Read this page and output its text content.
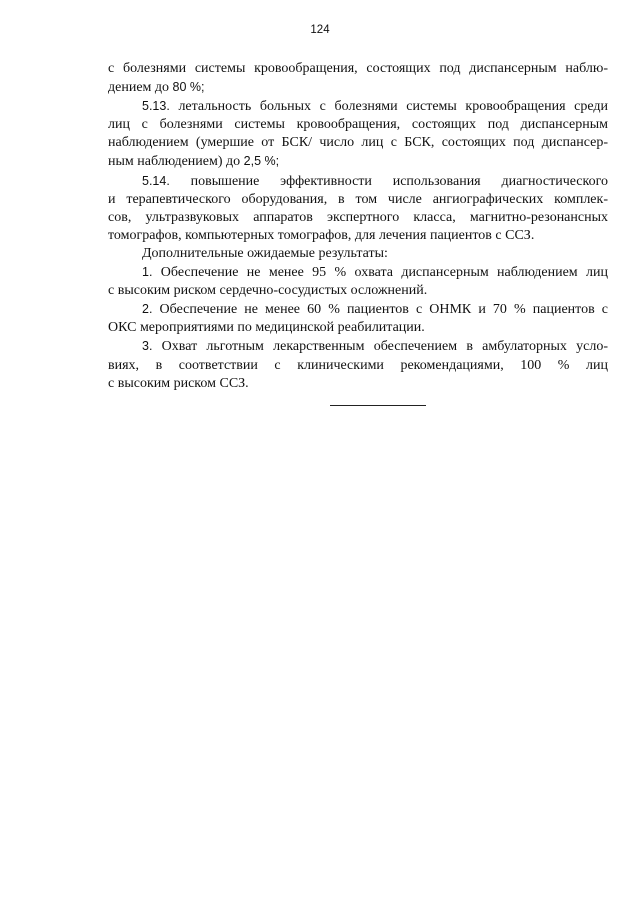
124
с болезнями системы кровообращения, состоящих под диспансерным наблю-
дением до 80 %;
5.13. летальность больных с болезнями системы кровообращения среди
лиц с болезнями системы кровообращения, состоящих под диспансерным
наблюдением (умершие от БСК/ число лиц с БСК, состоящих под диспансер-
ным наблюдением) до 2,5 %;
5.14. повышение эффективности использования диагностического
и терапевтического оборудования, в том числе ангиографических комплек-
сов, ультразвуковых аппаратов экспертного класса, магнитно-резонансных
томографов, компьютерных томографов, для лечения пациентов с ССЗ.
Дополнительные ожидаемые результаты:
1. Обеспечение не менее 95 % охвата диспансерным наблюдением лиц
с высоким риском сердечно-сосудистых осложнений.
2. Обеспечение не менее 60 % пациентов с ОНМК и 70 % пациентов с
ОКС мероприятиями по медицинской реабилитации.
3. Охват льготным лекарственным обеспечением в амбулаторных усло-
виях, в соответствии с клиническими рекомендациями, 100 % лиц
с высоким риском ССЗ.
